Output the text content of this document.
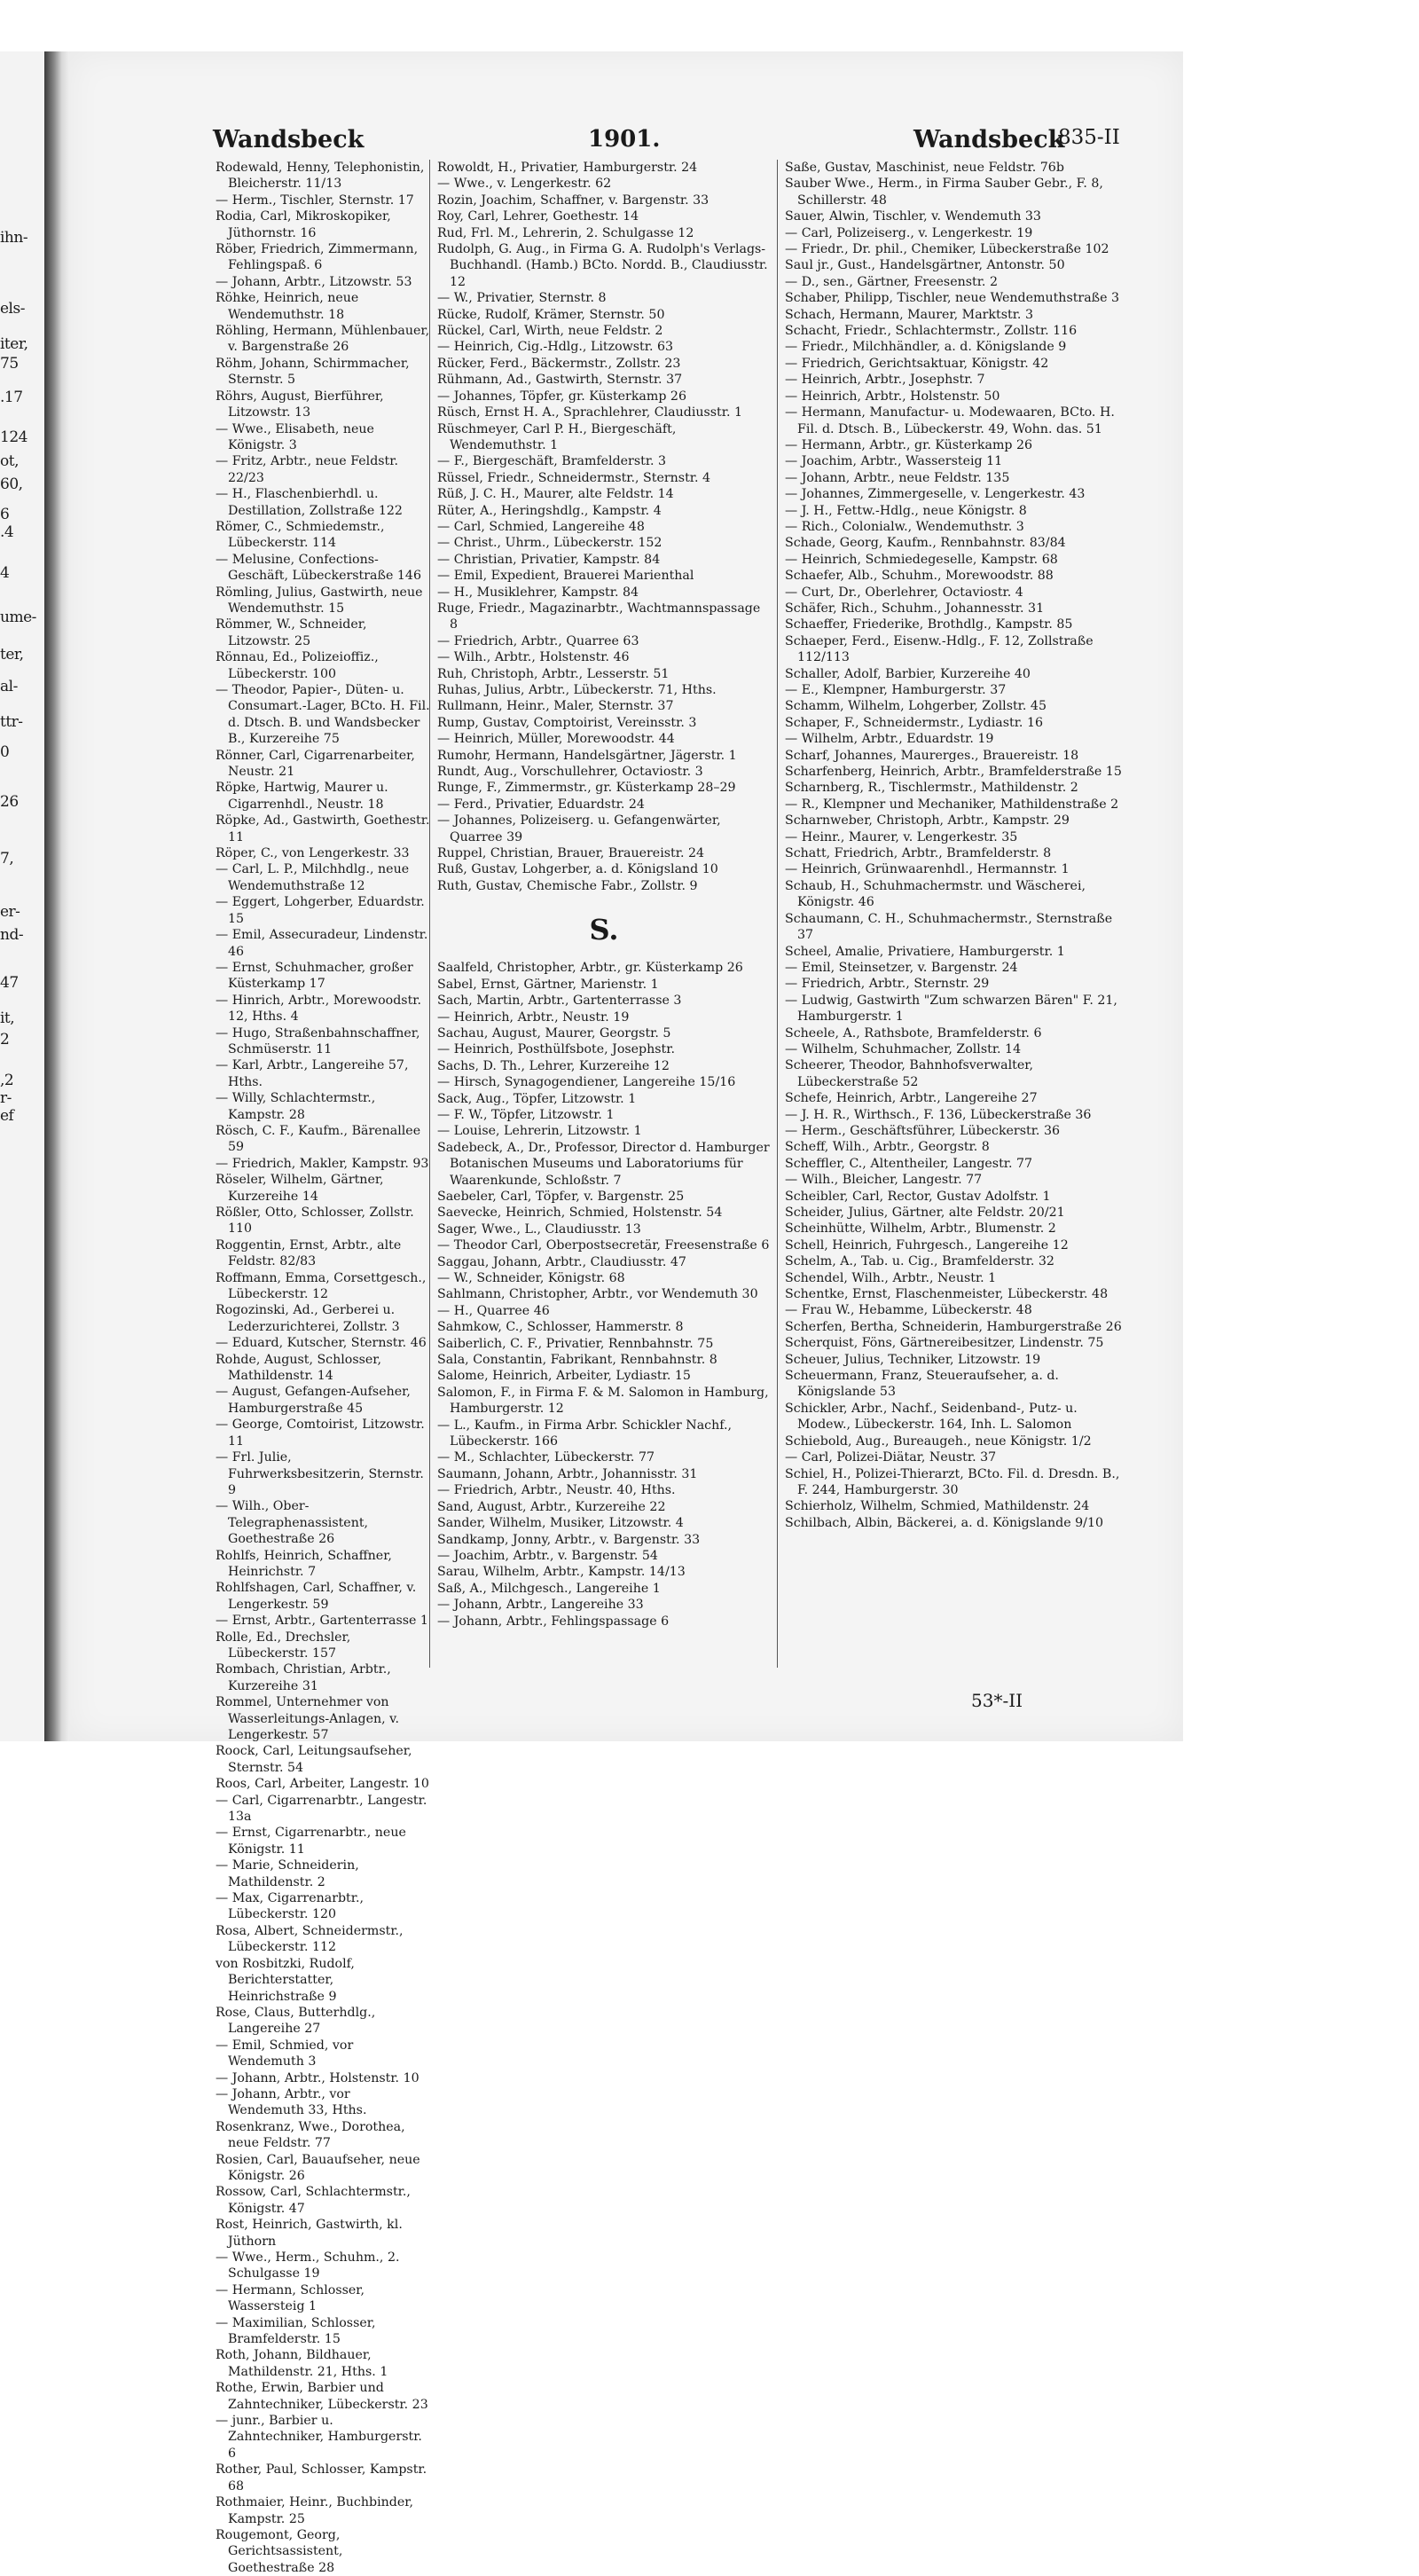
ihn-
els-
iter,
75
.17
124
ot,
60,
6
.4
4
ume-
ter,
al-
ttr-
0
26
7,
er-
nd-
47
it,
2
,2
r-
ef
Wandsbeck	1901.	Wandsbeck
835-II
Rodewald, Henny, Telephonistin, Bleicherstr. 11/13
— Herm., Tischler, Sternstr. 17
Rodia, Carl, Mikroskopiker, Jüthornstr. 16
Röber, Friedrich, Zimmermann, Fehlingspaß. 6
— Johann, Arbtr., Litzowstr. 53
Röhke, Heinrich, neue Wendemuthstr. 18
Röhling, Hermann, Mühlenbauer, v. Bargenstraße 26
Röhm, Johann, Schirmmacher, Sternstr. 5
Röhrs, August, Bierführer, Litzowstr. 13
— Wwe., Elisabeth, neue Königstr. 3
— Fritz, Arbtr., neue Feldstr. 22/23
— H., Flaschenbierhdl. u. Destillation, Zollstraße 122
Römer, C., Schmiedemstr., Lübeckerstr. 114
— Melusine, Confections-Geschäft, Lübeckerstraße 146
Römling, Julius, Gastwirth, neue Wendemuthstr. 15
Römmer, W., Schneider, Litzowstr. 25
Rönnau, Ed., Polizeioffiz., Lübeckerstr. 100
— Theodor, Papier-, Düten- u. Consumart.-Lager, BCto. H. Fil. d. Dtsch. B. und Wandsbecker B., Kurzereihe 75
Rönner, Carl, Cigarrenarbeiter, Neustr. 21
Röpke, Hartwig, Maurer u. Cigarrenhdl., Neustr. 18
Röpke, Ad., Gastwirth, Goethestr. 11
Röper, C., von Lengerkestr. 33
— Carl, L. P., Milchhdlg., neue Wendemuthstraße 12
— Eggert, Lohgerber, Eduardstr. 15
— Emil, Assecuradeur, Lindenstr. 46
— Ernst, Schuhmacher, großer Küsterkamp 17
— Hinrich, Arbtr., Morewoodstr. 12, Hths. 4
— Hugo, Straßenbahnschaffner, Schmüserstr. 11
— Karl, Arbtr., Langereihe 57, Hths.
— Willy, Schlachtermstr., Kampstr. 28
Rösch, C. F., Kaufm., Bärenallee 59
— Friedrich, Makler, Kampstr. 93
Röseler, Wilhelm, Gärtner, Kurzereihe 14
Rößler, Otto, Schlosser, Zollstr. 110
Roggentin, Ernst, Arbtr., alte Feldstr. 82/83
Roffmann, Emma, Corsettgesch., Lübeckerstr. 12
Rogozinski, Ad., Gerberei u. Lederzurichterei, Zollstr. 3
— Eduard, Kutscher, Sternstr. 46
Rohde, August, Schlosser, Mathildenstr. 14
— August, Gefangen-Aufseher, Hamburgerstraße 45
— George, Comtoirist, Litzowstr. 11
— Frl. Julie, Fuhrwerksbesitzerin, Sternstr. 9
— Wilh., Ober-Telegraphenassistent, Goethestraße 26
Rohlfs, Heinrich, Schaffner, Heinrichstr. 7
Rohlfshagen, Carl, Schaffner, v. Lengerkestr. 59
— Ernst, Arbtr., Gartenterrasse 1
Rolle, Ed., Drechsler, Lübeckerstr. 157
Rombach, Christian, Arbtr., Kurzereihe 31
Rommel, Unternehmer von Wasserleitungs-Anlagen, v. Lengerkestr. 57
Roock, Carl, Leitungsaufseher, Sternstr. 54
Roos, Carl, Arbeiter, Langestr. 10
— Carl, Cigarrenarbtr., Langestr. 13a
— Ernst, Cigarrenarbtr., neue Königstr. 11
— Marie, Schneiderin, Mathildenstr. 2
— Max, Cigarrenarbtr., Lübeckerstr. 120
Rosa, Albert, Schneidermstr., Lübeckerstr. 112
von Rosbitzki, Rudolf, Berichterstatter, Heinrichstraße 9
Rose, Claus, Butterhdlg., Langereihe 27
— Emil, Schmied, vor Wendemuth 3
— Johann, Arbtr., Holstenstr. 10
— Johann, Arbtr., vor Wendemuth 33, Hths.
Rosenkranz, Wwe., Dorothea, neue Feldstr. 77
Rosien, Carl, Bauaufseher, neue Königstr. 26
Rossow, Carl, Schlachtermstr., Königstr. 47
Rost, Heinrich, Gastwirth, kl. Jüthorn
— Wwe., Herm., Schuhm., 2. Schulgasse 19
— Hermann, Schlosser, Wassersteig 1
— Maximilian, Schlosser, Bramfelderstr. 15
Roth, Johann, Bildhauer, Mathildenstr. 21, Hths. 1
Rothe, Erwin, Barbier und Zahntechniker, Lübeckerstr. 23
— junr., Barbier u. Zahntechniker, Hamburgerstr. 6
Rother, Paul, Schlosser, Kampstr. 68
Rothmaier, Heinr., Buchbinder, Kampstr. 25
Rougemont, Georg, Gerichtsassistent, Goethestraße 28
Rowoldt, H., Privatier, Hamburgerstr. 24
— Wwe., v. Lengerkestr. 62
Rozin, Joachim, Schaffner, v. Bargenstr. 33
Roy, Carl, Lehrer, Goethestr. 14
Rud, Frl. M., Lehrerin, 2. Schulgasse 12
Rudolph, G. Aug., in Firma G. A. Rudolph's Verlags-Buchhandl. (Hamb.) BCto. Nordd. B., Claudiusstr. 12
— W., Privatier, Sternstr. 8
Rücke, Rudolf, Krämer, Sternstr. 50
Rückel, Carl, Wirth, neue Feldstr. 2
— Heinrich, Cig.-Hdlg., Litzowstr. 63
Rücker, Ferd., Bäckermstr., Zollstr. 23
Rühmann, Ad., Gastwirth, Sternstr. 37
— Johannes, Töpfer, gr. Küsterkamp 26
Rüsch, Ernst H. A., Sprachlehrer, Claudiusstr. 1
Rüschmeyer, Carl P. H., Biergeschäft, Wendemuthstr. 1
— F., Biergeschäft, Bramfelderstr. 3
Rüssel, Friedr., Schneidermstr., Sternstr. 4
Rüß, J. C. H., Maurer, alte Feldstr. 14
Rüter, A., Heringshdlg., Kampstr. 4
— Carl, Schmied, Langereihe 48
— Christ., Uhrm., Lübeckerstr. 152
— Christian, Privatier, Kampstr. 84
— Emil, Expedient, Brauerei Marienthal
— H., Musiklehrer, Kampstr. 84
Ruge, Friedr., Magazinarbtr., Wachtmannspassage 8
— Friedrich, Arbtr., Quarree 63
— Wilh., Arbtr., Holstenstr. 46
Ruh, Christoph, Arbtr., Lesserstr. 51
Ruhas, Julius, Arbtr., Lübeckerstr. 71, Hths.
Rullmann, Heinr., Maler, Sternstr. 37
Rump, Gustav, Comptoirist, Vereinsstr. 3
— Heinrich, Müller, Morewoodstr. 44
Rumohr, Hermann, Handelsgärtner, Jägerstr. 1
Rundt, Aug., Vorschullehrer, Octaviostr. 3
Runge, F., Zimmermstr., gr. Küsterkamp 28–29
— Ferd., Privatier, Eduardstr. 24
— Johannes, Polizeiserg. u. Gefangenwärter, Quarree 39
Ruppel, Christian, Brauer, Brauereistr. 24
Ruß, Gustav, Lohgerber, a. d. Königsland 10
Ruth, Gustav, Chemische Fabr., Zollstr. 9
S.
Saalfeld, Christopher, Arbtr., gr. Küsterkamp 26
Sabel, Ernst, Gärtner, Marienstr. 1
Sach, Martin, Arbtr., Gartenterrasse 3
— Heinrich, Arbtr., Neustr. 19
Sachau, August, Maurer, Georgstr. 5
— Heinrich, Posthülfsbote, Josephstr.
Sachs, D. Th., Lehrer, Kurzereihe 12
— Hirsch, Synagogendiener, Langereihe 15/16
Sack, Aug., Töpfer, Litzowstr. 1
— F. W., Töpfer, Litzowstr. 1
— Louise, Lehrerin, Litzowstr. 1
Sadebeck, A., Dr., Professor, Director d. Hamburger Botanischen Museums und Laboratoriums für Waarenkunde, Schloßstr. 7
Saebeler, Carl, Töpfer, v. Bargenstr. 25
Saevecke, Heinrich, Schmied, Holstenstr. 54
Sager, Wwe., L., Claudiusstr. 13
— Theodor Carl, Oberpostsecretär, Freesenstraße 6
Saggau, Johann, Arbtr., Claudiusstr. 47
— W., Schneider, Königstr. 68
Sahlmann, Christopher, Arbtr., vor Wendemuth 30
— H., Quarree 46
Sahmkow, C., Schlosser, Hammerstr. 8
Saiberlich, C. F., Privatier, Rennbahnstr. 75
Sala, Constantin, Fabrikant, Rennbahnstr. 8
Salome, Heinrich, Arbeiter, Lydiastr. 15
Salomon, F., in Firma F. & M. Salomon in Hamburg, Hamburgerstr. 12
— L., Kaufm., in Firma Arbr. Schickler Nachf., Lübeckerstr. 166
— M., Schlachter, Lübeckerstr. 77
Saumann, Johann, Arbtr., Johannisstr. 31
— Friedrich, Arbtr., Neustr. 40, Hths.
Sand, August, Arbtr., Kurzereihe 22
Sander, Wilhelm, Musiker, Litzowstr. 4
Sandkamp, Jonny, Arbtr., v. Bargenstr. 33
— Joachim, Arbtr., v. Bargenstr. 54
Sarau, Wilhelm, Arbtr., Kampstr. 14/13
Saß, A., Milchgesch., Langereihe 1
— Johann, Arbtr., Langereihe 33
— Johann, Arbtr., Fehlingspassage 6
Saße, Gustav, Maschinist, neue Feldstr. 76b
Sauber Wwe., Herm., in Firma Sauber Gebr., F. 8, Schillerstr. 48
Sauer, Alwin, Tischler, v. Wendemuth 33
— Carl, Polizeiserg., v. Lengerkestr. 19
— Friedr., Dr. phil., Chemiker, Lübeckerstraße 102
Saul jr., Gust., Handelsgärtner, Antonstr. 50
— D., sen., Gärtner, Freesenstr. 2
Schaber, Philipp, Tischler, neue Wendemuthstraße 3
Schach, Hermann, Maurer, Marktstr. 3
Schacht, Friedr., Schlachtermstr., Zollstr. 116
— Friedr., Milchhändler, a. d. Königslande 9
— Friedrich, Gerichtsaktuar, Königstr. 42
— Heinrich, Arbtr., Josephstr. 7
— Heinrich, Arbtr., Holstenstr. 50
— Hermann, Manufactur- u. Modewaaren, BCto. H. Fil. d. Dtsch. B., Lübeckerstr. 49, Wohn. das. 51
— Hermann, Arbtr., gr. Küsterkamp 26
— Joachim, Arbtr., Wassersteig 11
— Johann, Arbtr., neue Feldstr. 135
— Johannes, Zimmergeselle, v. Lengerkestr. 43
— J. H., Fettw.-Hdlg., neue Königstr. 8
— Rich., Colonialw., Wendemuthstr. 3
Schade, Georg, Kaufm., Rennbahnstr. 83/84
— Heinrich, Schmiedegeselle, Kampstr. 68
Schaefer, Alb., Schuhm., Morewoodstr. 88
— Curt, Dr., Oberlehrer, Octaviostr. 4
Schäfer, Rich., Schuhm., Johannesstr. 31
Schaeffer, Friederike, Brothdlg., Kampstr. 85
Schaeper, Ferd., Eisenw.-Hdlg., F. 12, Zollstraße 112/113
Schaller, Adolf, Barbier, Kurzereihe 40
— E., Klempner, Hamburgerstr. 37
Schamm, Wilhelm, Lohgerber, Zollstr. 45
Schaper, F., Schneidermstr., Lydiastr. 16
— Wilhelm, Arbtr., Eduardstr. 19
Scharf, Johannes, Maurerges., Brauereistr. 18
Scharfenberg, Heinrich, Arbtr., Bramfelderstraße 15
Scharnberg, R., Tischlermstr., Mathildenstr. 2
— R., Klempner und Mechaniker, Mathildenstraße 2
Scharnweber, Christoph, Arbtr., Kampstr. 29
— Heinr., Maurer, v. Lengerkestr. 35
Schatt, Friedrich, Arbtr., Bramfelderstr. 8
— Heinrich, Grünwaarenhdl., Hermannstr. 1
Schaub, H., Schuhmachermstr. und Wäscherei, Königstr. 46
Schaumann, C. H., Schuhmachermstr., Sternstraße 37
Scheel, Amalie, Privatiere, Hamburgerstr. 1
— Emil, Steinsetzer, v. Bargenstr. 24
— Friedrich, Arbtr., Sternstr. 29
— Ludwig, Gastwirth "Zum schwarzen Bären" F. 21, Hamburgerstr. 1
Scheele, A., Rathsbote, Bramfelderstr. 6
— Wilhelm, Schuhmacher, Zollstr. 14
Scheerer, Theodor, Bahnhofsverwalter, Lübeckerstraße 52
Schefe, Heinrich, Arbtr., Langereihe 27
— J. H. R., Wirthsch., F. 136, Lübeckerstraße 36
— Herm., Geschäftsführer, Lübeckerstr. 36
Scheff, Wilh., Arbtr., Georgstr. 8
Scheffler, C., Altentheiler, Langestr. 77
— Wilh., Bleicher, Langestr. 77
Scheibler, Carl, Rector, Gustav Adolfstr. 1
Scheider, Julius, Gärtner, alte Feldstr. 20/21
Scheinhütte, Wilhelm, Arbtr., Blumenstr. 2
Schell, Heinrich, Fuhrgesch., Langereihe 12
Schelm, A., Tab. u. Cig., Bramfelderstr. 32
Schendel, Wilh., Arbtr., Neustr. 1
Schentke, Ernst, Flaschenmeister, Lübeckerstr. 48
— Frau W., Hebamme, Lübeckerstr. 48
Scherfen, Bertha, Schneiderin, Hamburgerstraße 26
Scherquist, Föns, Gärtnereibesitzer, Lindenstr. 75
Scheuer, Julius, Techniker, Litzowstr. 19
Scheuermann, Franz, Steueraufseher, a. d. Königslande 53
Schickler, Arbr., Nachf., Seidenband-, Putz- u. Modew., Lübeckerstr. 164, Inh. L. Salomon
Schiebold, Aug., Bureaugeh., neue Königstr. 1/2
— Carl, Polizei-Diätar, Neustr. 37
Schiel, H., Polizei-Thierarzt, BCto. Fil. d. Dresdn. B., F. 244, Hamburgerstr. 30
Schierholz, Wilhelm, Schmied, Mathildenstr. 24
Schilbach, Albin, Bäckerei, a. d. Königslande 9/10
53*-II
